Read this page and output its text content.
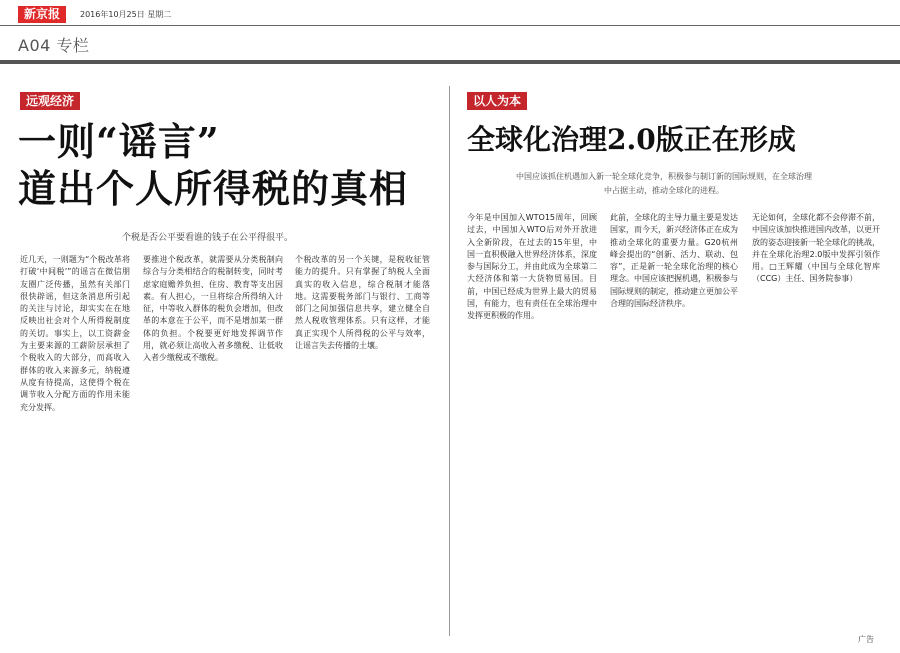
新京报	2016年10月25日 星期二
A04 专栏
远观经济
一则“谣言”
道出个人所得税的真相
个税是否公平要看谁的钱子在公平得很平。
近几天，一则题为“个税改革将打破‘中间税’”的谣言在微信朋友圈广泛传播，虽然有关部门很快辟谣，但这条消息所引起的关注与讨论，却实实在在地反映出社会对个人所得税制度的关切。事实上，以工资薪金为主要来源的工薪阶层承担了个税收入的大部分，而高收入群体的收入来源多元，纳税遵从度有待提高，这使得个税在调节收入分配方面的作用未能充分发挥。
要推进个税改革，就需要从分类税制向综合与分类相结合的税制转变，同时考虑家庭赡养负担、住房、教育等支出因素。有人担心，一旦将综合所得纳入计征，中等收入群体的税负会增加，但改革的本意在于公平，而不是增加某一群体的负担。个税要更好地发挥调节作用，就必须让高收入者多缴税、让低收入者少缴税或不缴税。
个税改革的另一个关键，是税收征管能力的提升。只有掌握了纳税人全面真实的收入信息，综合税制才能落地。这需要税务部门与银行、工商等部门之间加强信息共享，建立健全自然人税收管理体系。只有这样，才能真正实现个人所得税的公平与效率，让谣言失去传播的土壤。
以人为本
全球化治理2.0版正在形成
中国应该抓住机遇加入新一轮全球化竞争，积极参与制订新的国际规则，在全球治理中占据主动，推动全球化的进程。
今年是中国加入WTO15周年，回顾过去，中国加入WTO后对外开放进入全新阶段，在过去的15年里，中国一直积极融入世界经济体系，深度参与国际分工，并由此成为全球第二大经济体和第一大货物贸易国。目前，中国已经成为世界上最大的贸易国，有能力，也有责任在全球治理中发挥更积极的作用。
此前，全球化的主导力量主要是发达国家，而今天，新兴经济体正在成为推动全球化的重要力量。G20杭州峰会提出的“创新、活力、联动、包容”，正是新一轮全球化治理的核心理念。中国应该把握机遇，积极参与国际规则的制定，推动建立更加公平合理的国际经济秩序。
无论如何，全球化都不会停滞不前，中国应该加快推进国内改革，以更开放的姿态迎接新一轮全球化的挑战，并在全球化治理2.0版中发挥引领作用。□王辉耀（中国与全球化智库（CCG）主任、国务院参事）
广告
